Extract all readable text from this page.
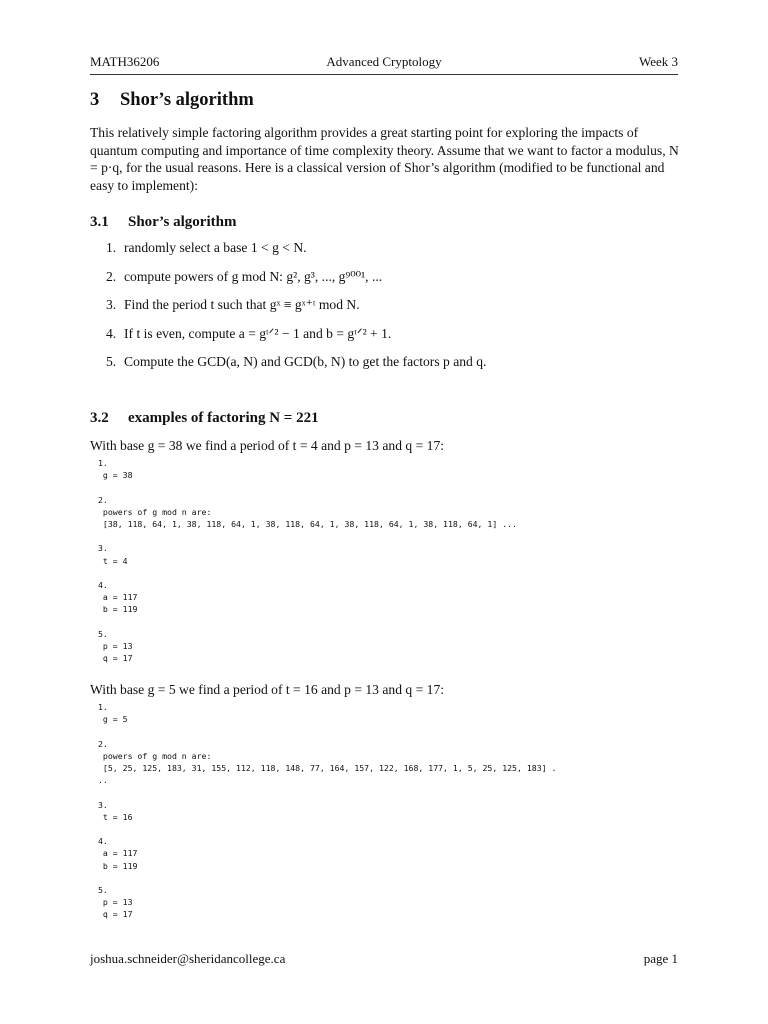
MATH36206	Advanced Cryptology	Week 3
3 Shor’s algorithm

This relatively simple factoring algorithm provides a great starting point for exploring the impacts of quantum computing and importance of time complexity theory. Assume that we want to factor a modulus, N = p·q, for the usual reasons. Here is a classical version of Shor’s algorithm (modified to be functional and easy to implement):

3.1 Shor’s algorithm
1. randomly select a base 1 < g < N.
2. compute powers of g mod N: g², g³, ..., g⁹⁰⁰¹, ...
3. Find the period t such that gˣ ≡ gˣ⁺ᵗ mod N.
4. If t is even, compute a = gᵗᐟ² − 1 and b = gᵗᐟ² + 1.
5. Compute the GCD(a, N) and GCD(b, N) to get the factors p and q.
3.2 examples of factoring N = 221
With base g = 38 we find a period of t = 4 and p = 13 and q = 17:
1.
g = 38

2.
powers of g mod n are:
[38, 118, 64, 1, 38, 118, 64, 1, 38, 118, 64, 1, 38, 118, 64, 1, 38, 118, 64, 1] ...

3.
t = 4

4.
a = 117
b = 119

5.
p = 13
q = 17
With base g = 5 we find a period of t = 16 and p = 13 and q = 17:
1.
g = 5

2.
powers of g mod n are:
[5, 25, 125, 183, 31, 155, 112, 118, 148, 77, 164, 157, 122, 168, 177, 1, 5, 25, 125, 183] .
..

3.
t = 16

4.
a = 117
b = 119

5.
p = 13
q = 17
joshua.schneider@sheridancollege.ca	page 1
